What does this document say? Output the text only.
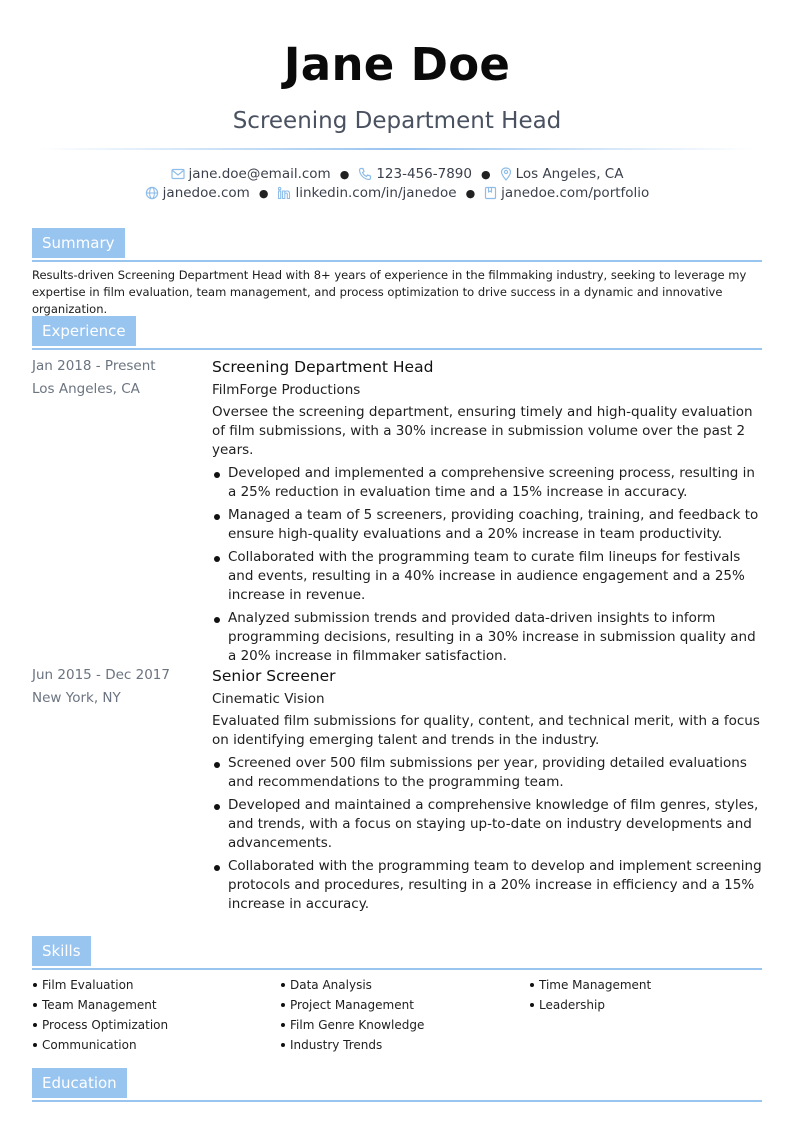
Jane Doe
Screening Department Head
jane.doe@email.com ● 123-456-7890 ● Los Angeles, CA
janedoe.com ● linkedin.com/in/janedoe ● janedoe.com/portfolio
Summary
Results-driven Screening Department Head with 8+ years of experience in the filmmaking industry, seeking to leverage my expertise in film evaluation, team management, and process optimization to drive success in a dynamic and innovative organization.
Experience
Jan 2018 - Present
Los Angeles, CA
Screening Department Head
FilmForge Productions
Oversee the screening department, ensuring timely and high-quality evaluation of film submissions, with a 30% increase in submission volume over the past 2 years.
Developed and implemented a comprehensive screening process, resulting in a 25% reduction in evaluation time and a 15% increase in accuracy.
Managed a team of 5 screeners, providing coaching, training, and feedback to ensure high-quality evaluations and a 20% increase in team productivity.
Collaborated with the programming team to curate film lineups for festivals and events, resulting in a 40% increase in audience engagement and a 25% increase in revenue.
Analyzed submission trends and provided data-driven insights to inform programming decisions, resulting in a 30% increase in submission quality and a 20% increase in filmmaker satisfaction.
Jun 2015 - Dec 2017
New York, NY
Senior Screener
Cinematic Vision
Evaluated film submissions for quality, content, and technical merit, with a focus on identifying emerging talent and trends in the industry.
Screened over 500 film submissions per year, providing detailed evaluations and recommendations to the programming team.
Developed and maintained a comprehensive knowledge of film genres, styles, and trends, with a focus on staying up-to-date on industry developments and advancements.
Collaborated with the programming team to develop and implement screening protocols and procedures, resulting in a 20% increase in efficiency and a 15% increase in accuracy.
Skills
Film Evaluation
Team Management
Process Optimization
Communication
Data Analysis
Project Management
Film Genre Knowledge
Industry Trends
Time Management
Leadership
Education
